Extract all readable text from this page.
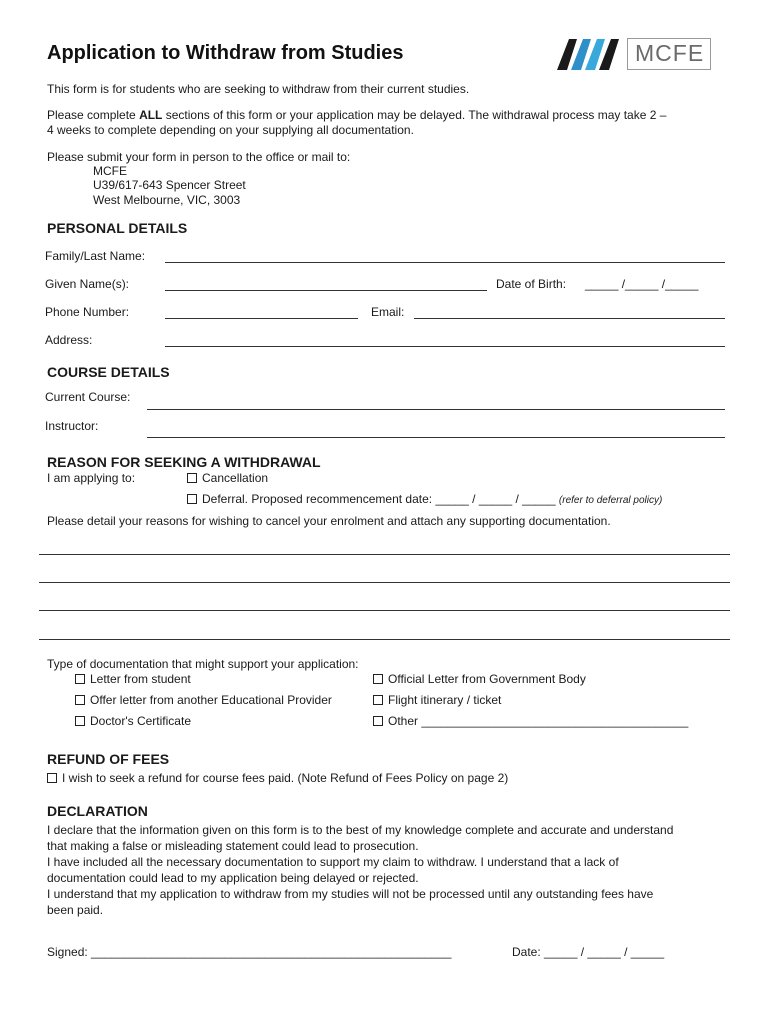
Application to Withdraw from Studies	MCFE
This form is for students who are seeking to withdraw from their current studies.
Please complete ALL sections of this form or your application may be delayed. The withdrawal process may take 2 –
4 weeks to complete depending on your supplying all documentation.
Please submit your form in person to the office or mail to:
MCFE
U39/617-643 Spencer Street
West Melbourne, VIC, 3003
PERSONAL DETAILS
Family/Last Name:
Given Name(s):	Date of Birth: _____ /_____ /_____
Phone Number:	Email:
Address:
COURSE DETAILS
Current Course:
Instructor:
REASON FOR SEEKING A WITHDRAWAL
I am applying to:	Cancellation
Deferral. Proposed recommencement date: _____ / _____ / _____ (refer to deferral policy)
Please detail your reasons for wishing to cancel your enrolment and attach any supporting documentation.
Type of documentation that might support your application:
Letter from student	Official Letter from Government Body
Offer letter from another Educational Provider	Flight itinerary / ticket
Doctor's Certificate	Other ________________________________________
REFUND OF FEES
I wish to seek a refund for course fees paid. (Note Refund of Fees Policy on page 2)
DECLARATION
I declare that the information given on this form is to the best of my knowledge complete and accurate and understand
that making a false or misleading statement could lead to prosecution.
I have included all the necessary documentation to support my claim to withdraw. I understand that a lack of
documentation could lead to my application being delayed or rejected.
I understand that my application to withdraw from my studies will not be processed until any outstanding fees have
been paid.
Signed: ______________________________________________________	Date: _____ / _____ / _____
